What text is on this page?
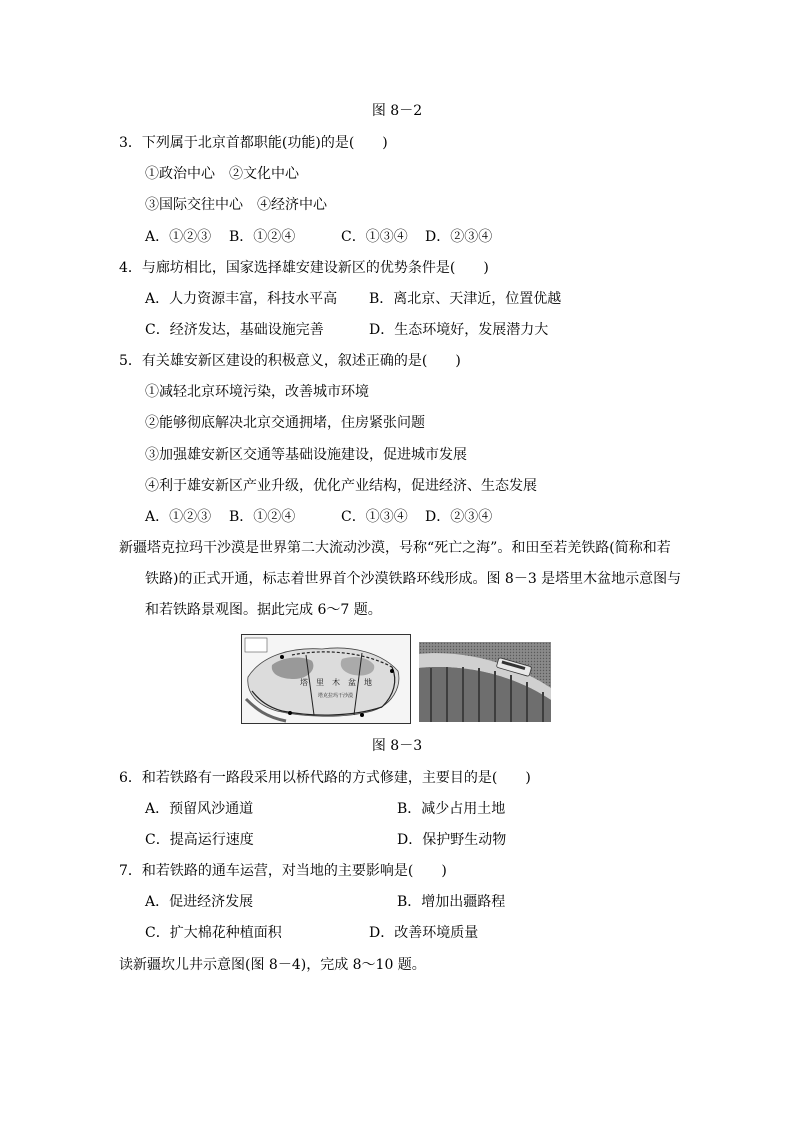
图 8－2
3．下列属于北京首都职能(功能)的是(　　)
①政治中心　②文化中心
③国际交往中心　④经济中心
A．①②③ B．①②④	C．①③④ D．②③④
4．与廊坊相比，国家选择雄安建设新区的优势条件是(　　)
A．人力资源丰富，科技水平高 B．离北京、天津近，位置优越
C．经济发达，基础设施完善	D．生态环境好，发展潜力大
5．有关雄安新区建设的积极意义，叙述正确的是(　　)
①减轻北京环境污染，改善城市环境
②能够彻底解决北京交通拥堵，住房紧张问题
③加强雄安新区交通等基础设施建设，促进城市发展
④利于雄安新区产业升级，优化产业结构，促进经济、生态发展
A．①②③ B．①②④	C．①③④ D．②③④
新疆塔克拉玛干沙漠是世界第二大流动沙漠，号称“死亡之海”。和田至若羌铁路(简称和若
铁路)的正式开通，标志着世界首个沙漠铁路环线形成。图 8－3 是塔里木盆地示意图与
和若铁路景观图。据此完成 6～7 题。
塔　里　木　盆　地
塔克拉玛干沙漠
图 8－3
6．和若铁路有一路段采用以桥代路的方式修建，主要目的是(　　)
A．预留风沙通道	B．减少占用土地
C．提高运行速度	D．保护野生动物
7．和若铁路的通车运营，对当地的主要影响是(　　)
A．促进经济发展	B．增加出疆路程
C．扩大棉花种植面积	D．改善环境质量
读新疆坎儿井示意图(图 8－4)，完成 8～10 题。
